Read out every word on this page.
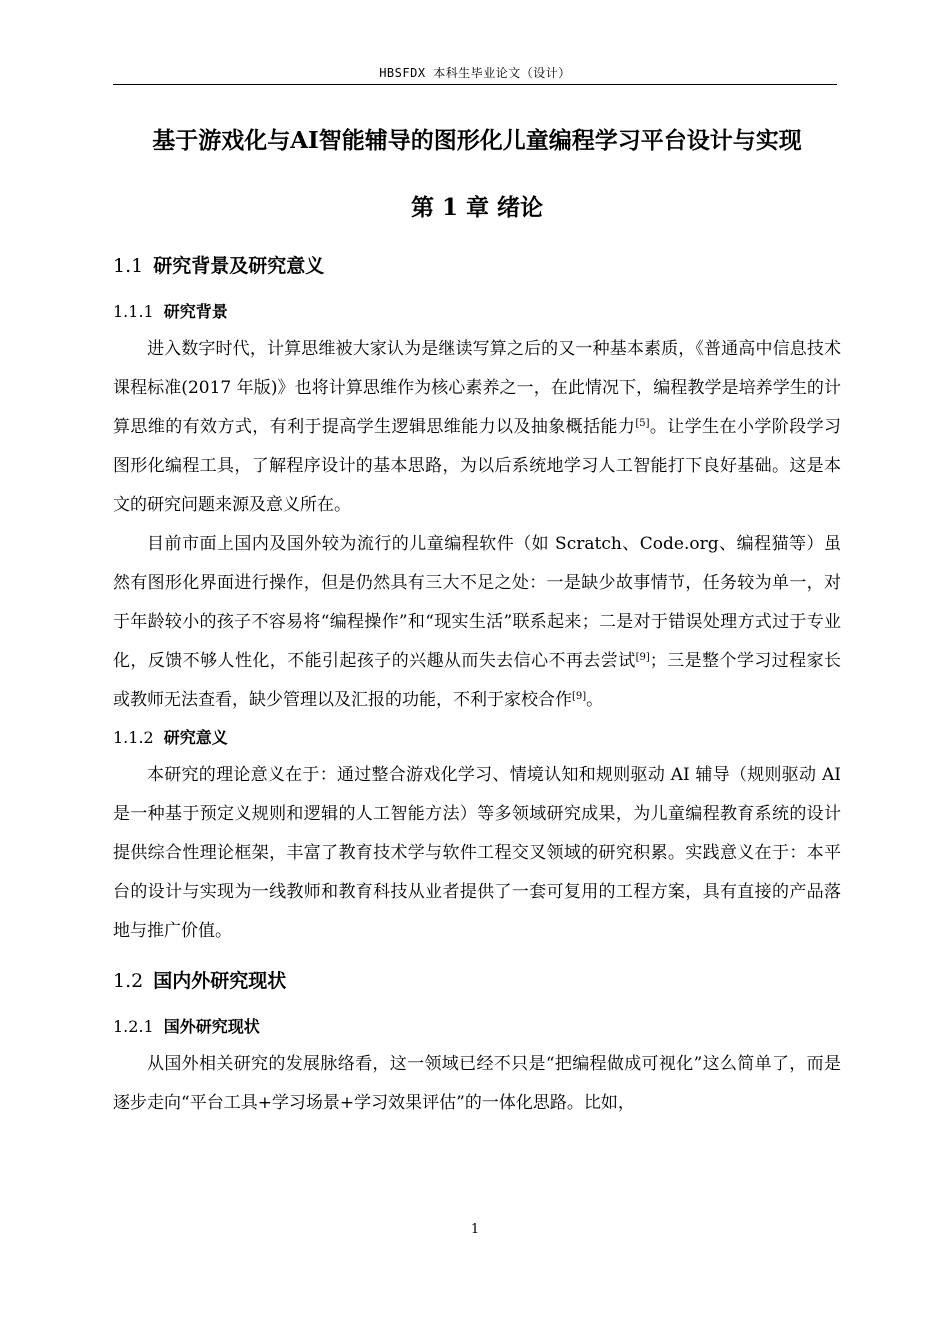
HBSFDX 本科生毕业论文（设计）
基于游戏化与AI智能辅导的图形化儿童编程学习平台设计与实现
第 1 章 绪论
1.1 研究背景及研究意义
1.1.1 研究背景

进入数字时代，计算思维被大家认为是继读写算之后的又一种基本素质，《普通高中信息技术课程标准(2017 年版)》也将计算思维作为核心素养之一，在此情况下，编程教学是培养学生的计算思维的有效方式，有利于提高学生逻辑思维能力以及抽象概括能力[5]。让学生在小学阶段学习图形化编程工具，了解程序设计的基本思路，为以后系统地学习人工智能打下良好基础。这是本文的研究问题来源及意义所在。

目前市面上国内及国外较为流行的儿童编程软件（如 Scratch、Code.org、编程猫等）虽然有图形化界面进行操作，但是仍然具有三大不足之处：一是缺少故事情节，任务较为单一，对于年龄较小的孩子不容易将“编程操作”和“现实生活”联系起来；二是对于错误处理方式过于专业化，反馈不够人性化，不能引起孩子的兴趣从而失去信心不再去尝试[9]；三是整个学习过程家长或教师无法查看，缺少管理以及汇报的功能，不利于家校合作[9]。

1.1.2 研究意义

本研究的理论意义在于：通过整合游戏化学习、情境认知和规则驱动 AI 辅导（规则驱动 AI 是一种基于预定义规则和逻辑的人工智能方法）等多领域研究成果，为儿童编程教育系统的设计提供综合性理论框架，丰富了教育技术学与软件工程交叉领域的研究积累。实践意义在于：本平台的设计与实现为一线教师和教育科技从业者提供了一套可复用的工程方案，具有直接的产品落地与推广价值。

1.2 国内外研究现状
1.2.1 国外研究现状

从国外相关研究的发展脉络看，这一领域已经不只是“把编程做成可视化”这么简单了，而是逐步走向“平台工具+学习场景+学习效果评估”的一体化思路。比如，

1
